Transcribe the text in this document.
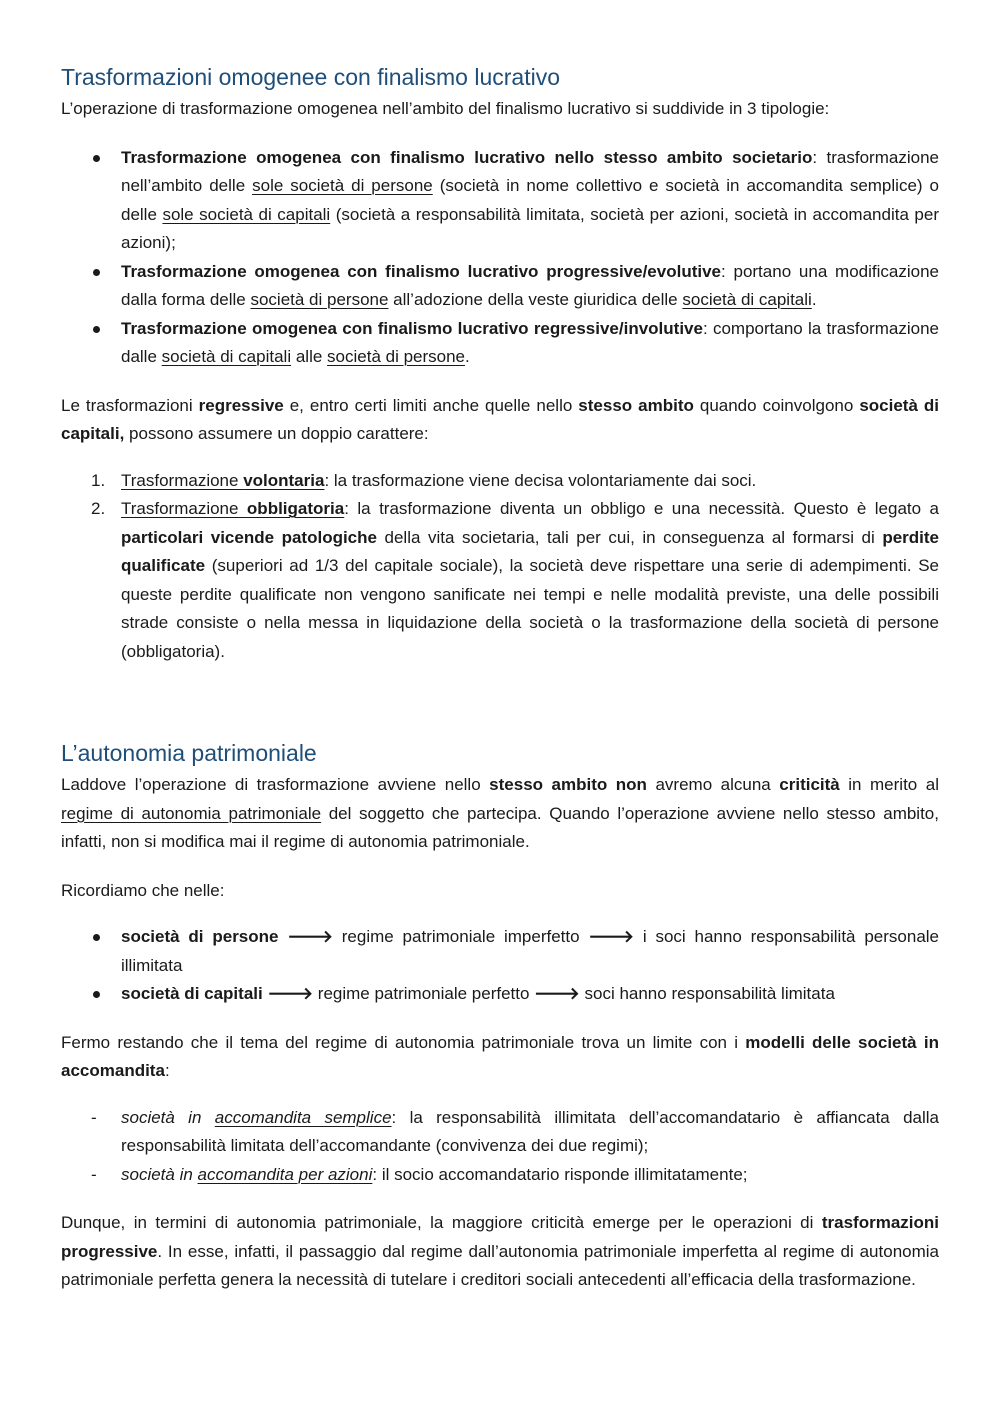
Trasformazioni omogenee con finalismo lucrativo

L’operazione di trasformazione omogenea nell’ambito del finalismo lucrativo si suddivide in 3 tipologie:

Trasformazione omogenea con finalismo lucrativo nello stesso ambito societario: trasformazione nell’ambito delle sole società di persone (società in nome collettivo e società in accomandita semplice) o delle sole società di capitali (società a responsabilità limitata, società per azioni, società in accomandita per azioni);
Trasformazione omogenea con finalismo lucrativo progressive/evolutive: portano una modificazione dalla forma delle società di persone all’adozione della veste giuridica delle società di capitali.
Trasformazione omogenea con finalismo lucrativo regressive/involutive: comportano la trasformazione dalle società di capitali alle società di persone.

Le trasformazioni regressive e, entro certi limiti anche quelle nello stesso ambito quando coinvolgono società di capitali, possono assumere un doppio carattere:

1. Trasformazione volontaria: la trasformazione viene decisa volontariamente dai soci.
2. Trasformazione obbligatoria: la trasformazione diventa un obbligo e una necessità. Questo è legato a particolari vicende patologiche della vita societaria, tali per cui, in conseguenza al formarsi di perdite qualificate (superiori ad 1/3 del capitale sociale), la società deve rispettare una serie di adempimenti. Se queste perdite qualificate non vengono sanificate nei tempi e nelle modalità previste, una delle possibili strade consiste o nella messa in liquidazione della società o la trasformazione della società di persone (obbligatoria).
L’autonomia patrimoniale

Laddove l’operazione di trasformazione avviene nello stesso ambito non avremo alcuna criticità in merito al regime di autonomia patrimoniale del soggetto che partecipa. Quando l’operazione avviene nello stesso ambito, infatti, non si modifica mai il regime di autonomia patrimoniale.

Ricordiamo che nelle:

società di persone 🡒 regime patrimoniale imperfetto 🡒 i soci hanno responsabilità personale illimitata
società di capitali 🡒 regime patrimoniale perfetto 🡒 soci hanno responsabilità limitata

Fermo restando che il tema del regime di autonomia patrimoniale trova un limite con i modelli delle società in accomandita:

- società in accomandita semplice: la responsabilità illimitata dell’accomandatario è affiancata dalla responsabilità limitata dell’accomandante (convivenza dei due regimi);
- società in accomandita per azioni: il socio accomandatario risponde illimitatamente;

Dunque, in termini di autonomia patrimoniale, la maggiore criticità emerge per le operazioni di trasformazioni progressive. In esse, infatti, il passaggio dal regime dall’autonomia patrimoniale imperfetta al regime di autonomia patrimoniale perfetta genera la necessità di tutelare i creditori sociali antecedenti all’efficacia della trasformazione.
